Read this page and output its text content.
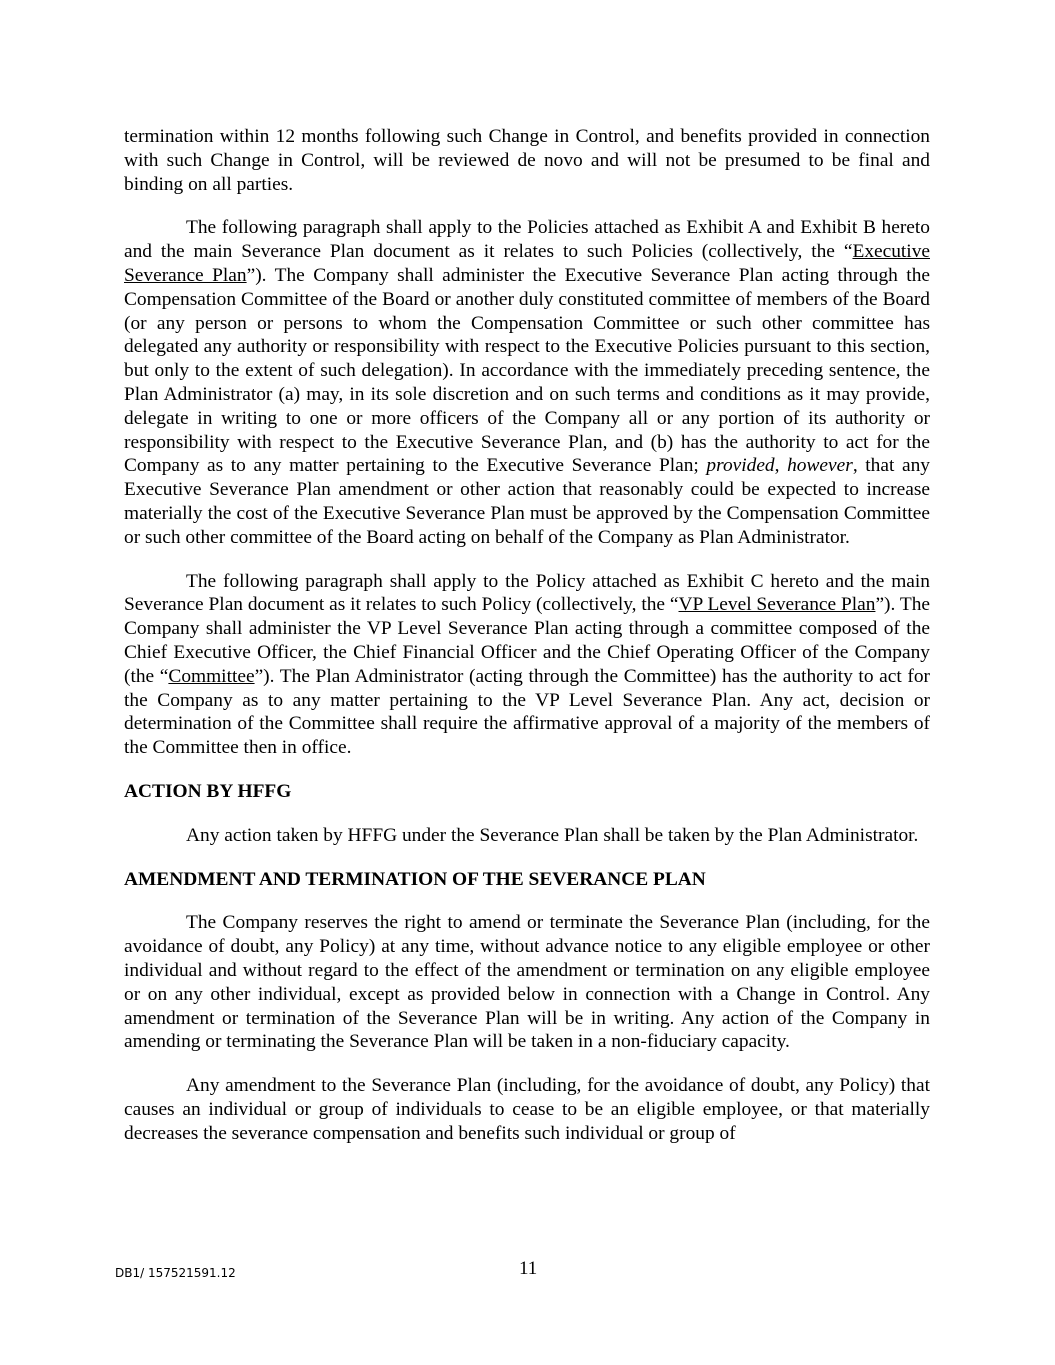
termination within 12 months following such Change in Control, and benefits provided in connection with such Change in Control, will be reviewed de novo and will not be presumed to be final and binding on all parties.

The following paragraph shall apply to the Policies attached as Exhibit A and Exhibit B hereto and the main Severance Plan document as it relates to such Policies (collectively, the “Executive Severance Plan”). The Company shall administer the Executive Severance Plan acting through the Compensation Committee of the Board or another duly constituted committee of members of the Board (or any person or persons to whom the Compensation Committee or such other committee has delegated any authority or responsibility with respect to the Executive Policies pursuant to this section, but only to the extent of such delegation). In accordance with the immediately preceding sentence, the Plan Administrator (a) may, in its sole discretion and on such terms and conditions as it may provide, delegate in writing to one or more officers of the Company all or any portion of its authority or responsibility with respect to the Executive Severance Plan, and (b) has the authority to act for the Company as to any matter pertaining to the Executive Severance Plan; provided, however, that any Executive Severance Plan amendment or other action that reasonably could be expected to increase materially the cost of the Executive Severance Plan must be approved by the Compensation Committee or such other committee of the Board acting on behalf of the Company as Plan Administrator.

The following paragraph shall apply to the Policy attached as Exhibit C hereto and the main Severance Plan document as it relates to such Policy (collectively, the “VP Level Severance Plan”). The Company shall administer the VP Level Severance Plan acting through a committee composed of the Chief Executive Officer, the Chief Financial Officer and the Chief Operating Officer of the Company (the “Committee”). The Plan Administrator (acting through the Committee) has the authority to act for the Company as to any matter pertaining to the VP Level Severance Plan. Any act, decision or determination of the Committee shall require the affirmative approval of a majority of the members of the Committee then in office.

ACTION BY HFFG

Any action taken by HFFG under the Severance Plan shall be taken by the Plan Administrator.

AMENDMENT AND TERMINATION OF THE SEVERANCE PLAN

The Company reserves the right to amend or terminate the Severance Plan (including, for the avoidance of doubt, any Policy) at any time, without advance notice to any eligible employee or other individual and without regard to the effect of the amendment or termination on any eligible employee or on any other individual, except as provided below in connection with a Change in Control. Any amendment or termination of the Severance Plan will be in writing. Any action of the Company in amending or terminating the Severance Plan will be taken in a non-fiduciary capacity.

Any amendment to the Severance Plan (including, for the avoidance of doubt, any Policy) that causes an individual or group of individuals to cease to be an eligible employee, or that materially decreases the severance compensation and benefits such individual or group of

DB1/ 157521591.12	11
